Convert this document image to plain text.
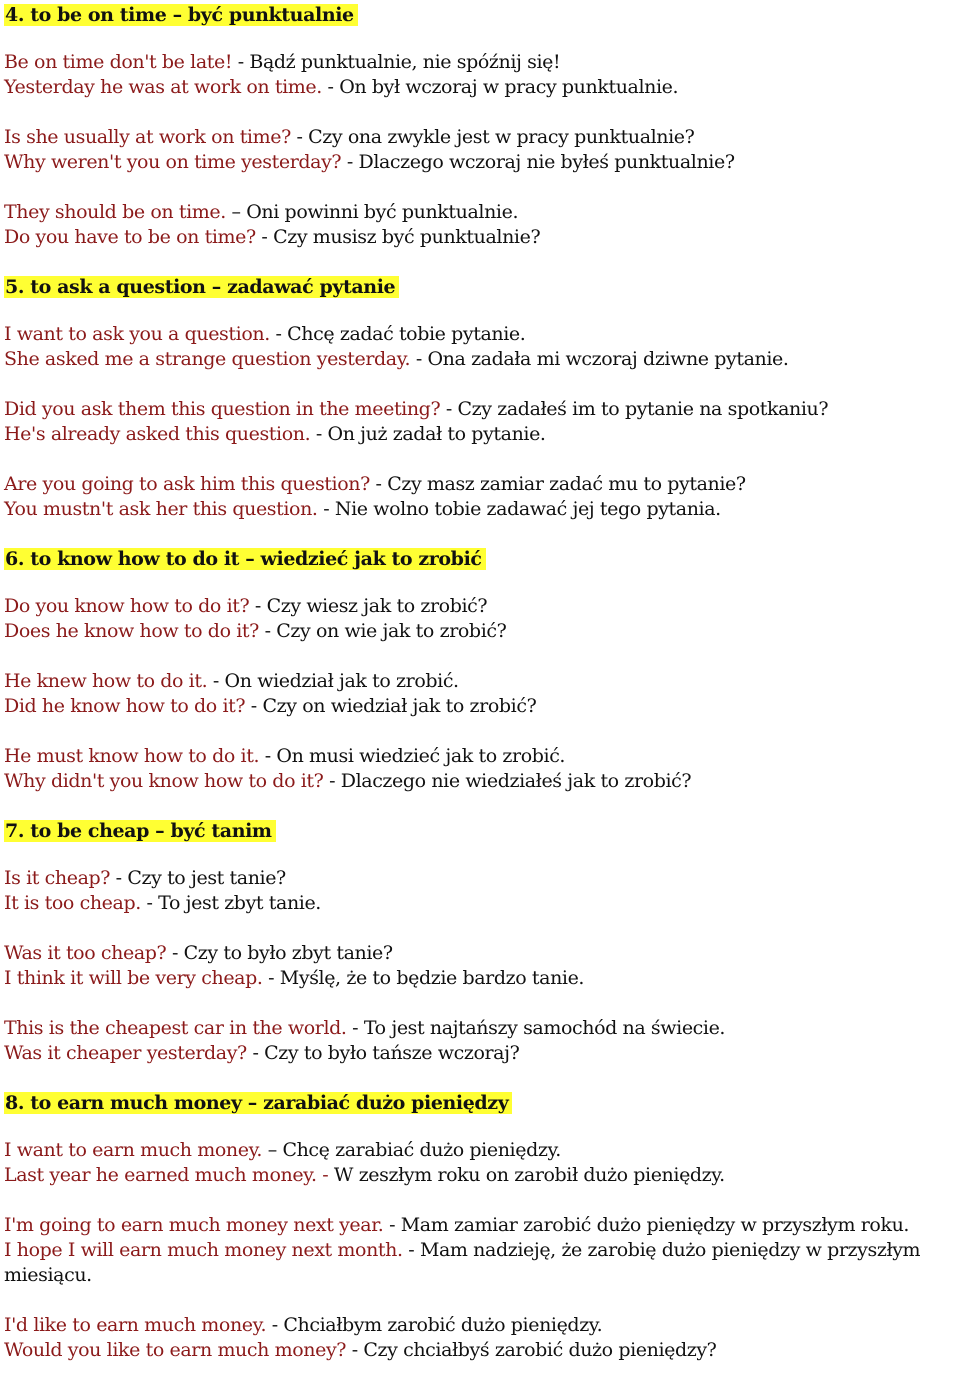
4. to be on time – być punktualnie
Be on time don't be late! - Bądź punktualnie, nie spóźnij się!
Yesterday he was at work on time. - On był wczoraj w pracy punktualnie.
Is she usually at work on time? - Czy ona zwykle jest w pracy punktualnie?
Why weren't you on time yesterday? - Dlaczego wczoraj nie byłeś punktualnie?
They should be on time. – Oni powinni być punktualnie.
Do you have to be on time? - Czy musisz być punktualnie?
5. to ask a question – zadawać pytanie
I want to ask you a question. - Chcę zadać tobie pytanie.
She asked me a strange question yesterday. - Ona zadała mi wczoraj dziwne pytanie.
Did you ask them this question in the meeting? - Czy zadałeś im to pytanie na spotkaniu?
He's already asked this question. - On już zadał to pytanie.
Are you going to ask him this question? - Czy masz zamiar zadać mu to pytanie?
You mustn't ask her this question. - Nie wolno tobie zadawać jej tego pytania.
6. to know how to do it – wiedzieć jak to zrobić
Do you know how to do it? - Czy wiesz jak to zrobić?
Does he know how to do it? - Czy on wie jak to zrobić?
He knew how to do it. - On wiedział jak to zrobić.
Did he know how to do it? - Czy on wiedział jak to zrobić?
He must know how to do it. - On musi wiedzieć jak to zrobić.
Why didn't you know how to do it? - Dlaczego nie wiedziałeś jak to zrobić?
7. to be cheap – być tanim
Is it cheap? - Czy to jest tanie?
It is too cheap. - To jest zbyt tanie.
Was it too cheap? - Czy to było zbyt tanie?
I think it will be very cheap. - Myślę, że to będzie bardzo tanie.
This is the cheapest car in the world. - To jest najtańszy samochód na świecie.
Was it cheaper yesterday? - Czy to było tańsze wczoraj?
8. to earn much money – zarabiać dużo pieniędzy
I want to earn much money. – Chcę zarabiać dużo pieniędzy.
Last year he earned much money. - W zeszłym roku on zarobił dużo pieniędzy.
I'm going to earn much money next year. - Mam zamiar zarobić dużo pieniędzy w przyszłym roku.
I hope I will earn much money next month. - Mam nadzieję, że zarobię dużo pieniędzy w przyszłym miesiącu.
I'd like to earn much money. - Chciałbym zarobić dużo pieniędzy.
Would you like to earn much money? - Czy chciałbyś zarobić dużo pieniędzy?
